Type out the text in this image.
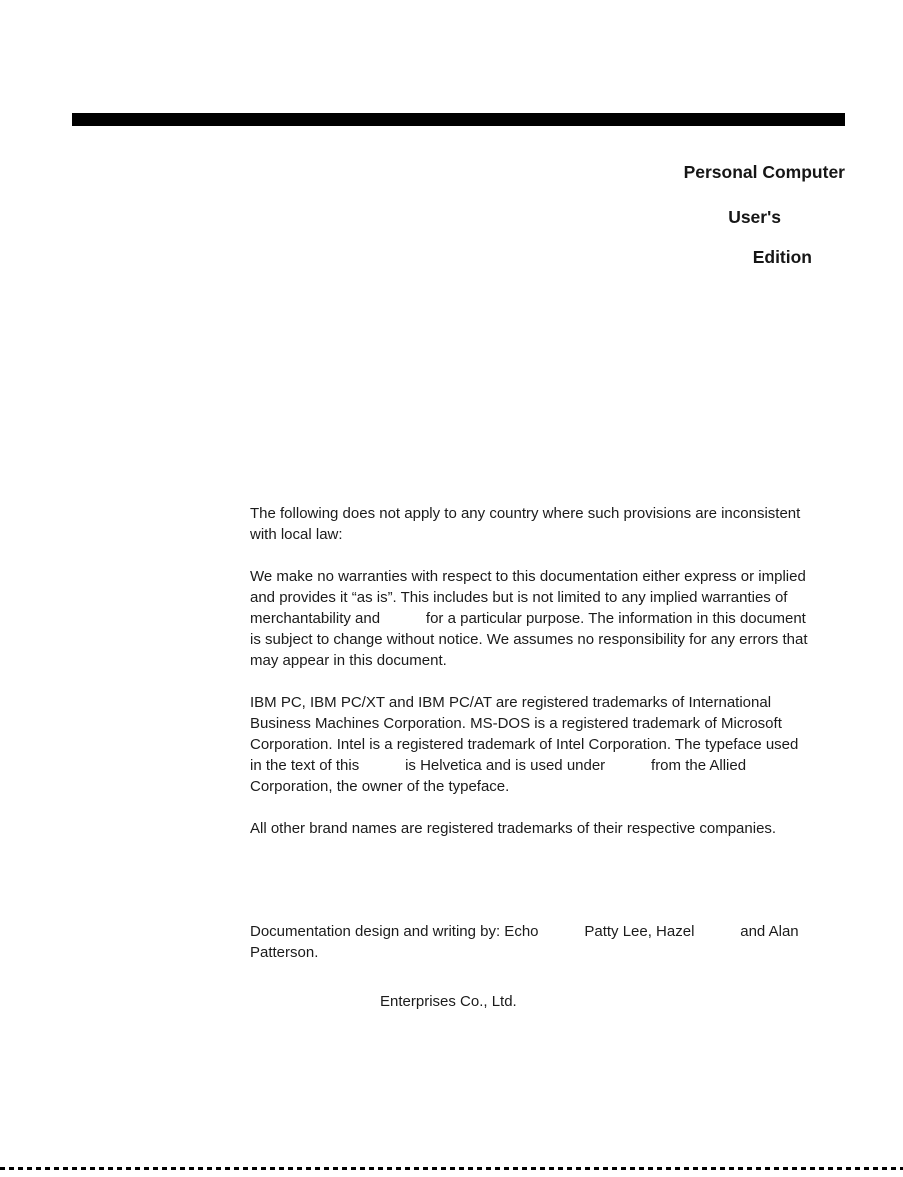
Personal Computer
User's
Edition
The following does not apply to any country where such provisions are inconsistent
with local law:
We make no warranties with respect to this documentation either express or implied
and provides it “as is”. This includes but is not limited to any implied warranties of
merchantability and           for a particular purpose. The information in this document
is subject to change without notice. We assumes no responsibility for any errors that
may appear in this document.
IBM PC, IBM PC/XT and IBM PC/AT are registered trademarks of International
Business Machines Corporation. MS-DOS is a registered trademark of Microsoft
Corporation. Intel is a registered trademark of Intel Corporation. The typeface used
in the text of this           is Helvetica and is used under           from the Allied
Corporation, the owner of the typeface.
All other brand names are registered trademarks of their respective companies.
Documentation design and writing by: Echo           Patty Lee, Hazel           and Alan
Patterson.
Enterprises Co., Ltd.
